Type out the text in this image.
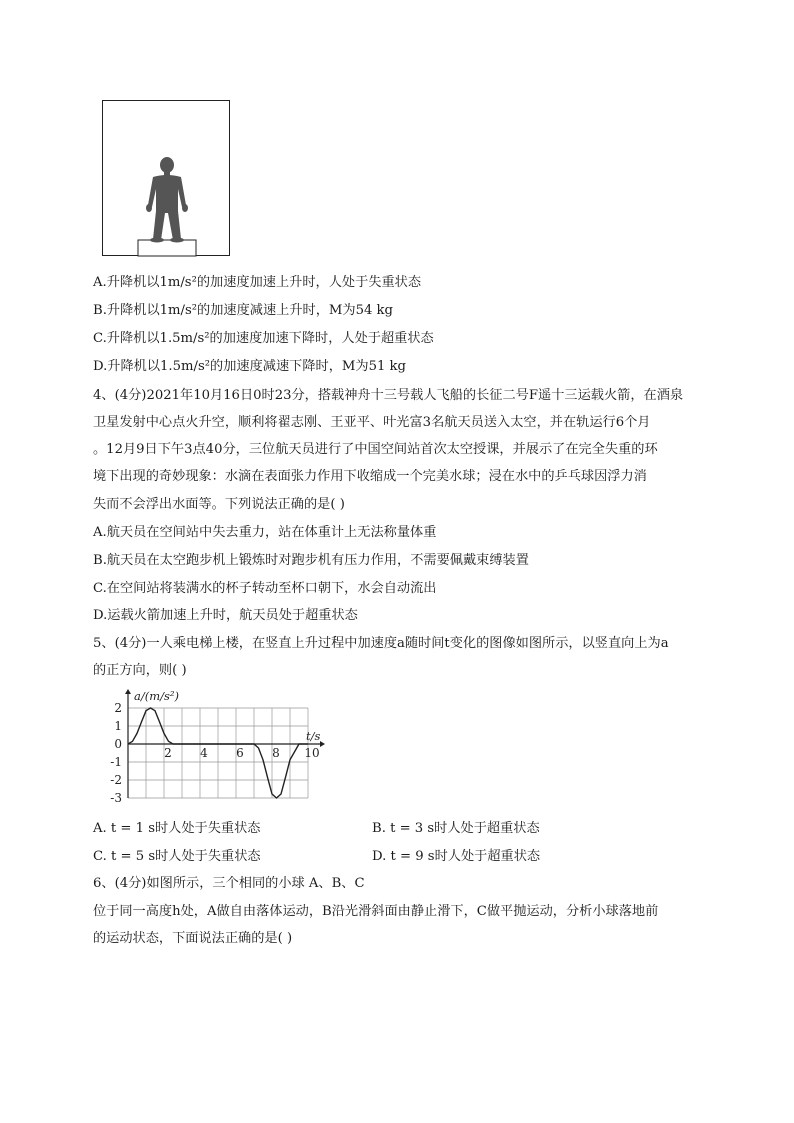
A.升降机以1m/s²的加速度加速上升时，人处于失重状态
B.升降机以1m/s²的加速度减速上升时，M为54 kg
C.升降机以1.5m/s²的加速度加速下降时，人处于超重状态
D.升降机以1.5m/s²的加速度减速下降时，M为51 kg
4、(4分)2021年10月16日0时23分，搭载神舟十三号载人飞船的长征二号F遥十三运载火箭，在酒泉
卫星发射中心点火升空，顺利将翟志刚、王亚平、叶光富3名航天员送入太空，并在轨运行6个月
。12月9日下午3点40分，三位航天员进行了中国空间站首次太空授课，并展示了在完全失重的环
境下出现的奇妙现象：水滴在表面张力作用下收缩成一个完美水球；浸在水中的乒乓球因浮力消
失而不会浮出水面等。下列说法正确的是( )
A.航天员在空间站中失去重力，站在体重计上无法称量体重
B.航天员在太空跑步机上锻炼时对跑步机有压力作用，不需要佩戴束缚装置
C.在空间站将装满水的杯子转动至杯口朝下，水会自动流出
D.运载火箭加速上升时，航天员处于超重状态
5、(4分)一人乘电梯上楼，在竖直上升过程中加速度a随时间t变化的图像如图所示，以竖直向上为a
的正方向，则( )
2
1
0
-1
-2
-3
2 4 6 8 10
a/(m/s²)
t/s
A. t = 1 s时人处于失重状态	B. t = 3 s时人处于超重状态
C. t = 5 s时人处于失重状态	D. t = 9 s时人处于超重状态
6、(4分)如图所示，三个相同的小球 A、B、C
位于同一高度h处，A做自由落体运动，B沿光滑斜面由静止滑下，C做平抛运动，分析小球落地前
的运动状态，下面说法正确的是( )
